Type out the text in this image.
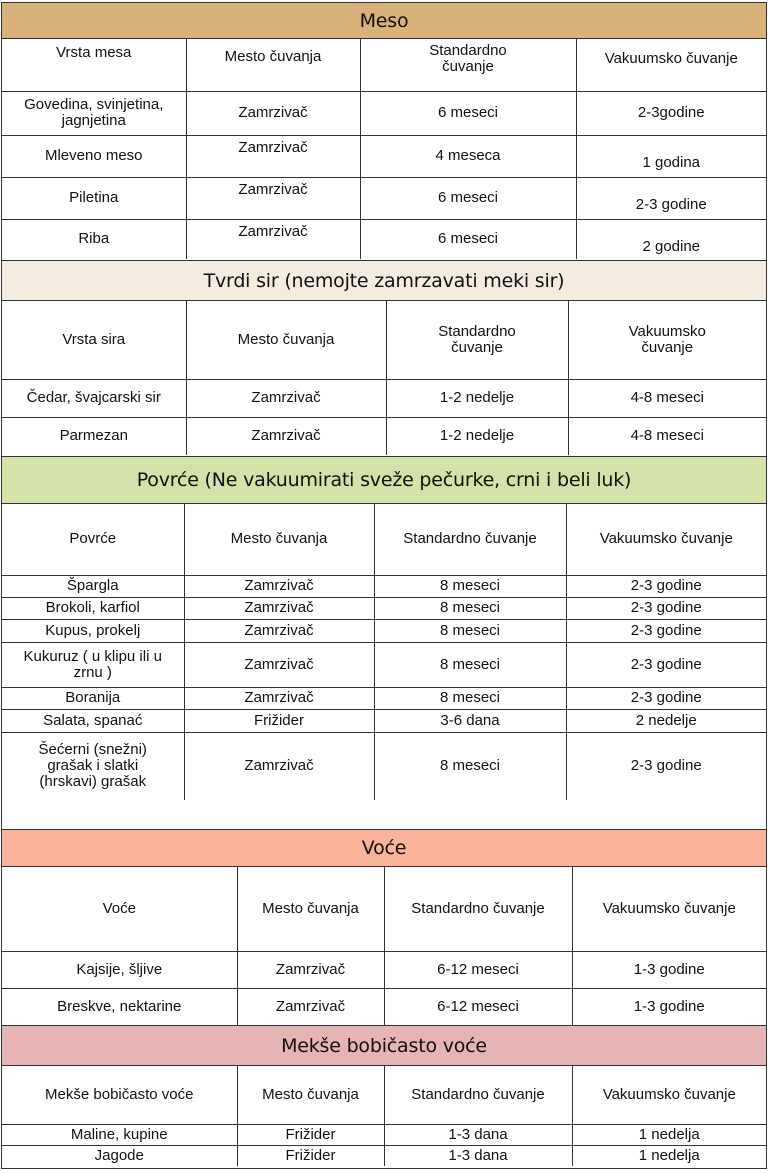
Meso
Vrsta mesa	Mesto čuvanja	Standardno čuvanje	Vakuumsko čuvanje
Govedina, svinjetina, jagnjetina	Zamrzivač	6 meseci	2-3godine
Mleveno meso	Zamrzivač	4 meseca	1 godina
Piletina	Zamrzivač	6 meseci	2-3 godine
Riba	Zamrzivač	6 meseci	2 godine
Tvrdi sir (nemojte zamrzavati meki sir)
Vrsta sira	Mesto čuvanja	Standardno čuvanje	Vakuumsko čuvanje
Čedar, švajcarski sir	Zamrzivač	1-2 nedelje	4-8 meseci
Parmezan	Zamrzivač	1-2 nedelje	4-8 meseci
Povrće (Ne vakuumirati sveže pečurke, crni i beli luk)
Povrće	Mesto čuvanja	Standardno čuvanje	Vakuumsko čuvanje
Špargla	Zamrzivač	8 meseci	2-3 godine
Brokoli, karfiol	Zamrzivač	8 meseci	2-3 godine
Kupus, prokelj	Zamrzivač	8 meseci	2-3 godine
Kukuruz ( u klipu ili u zrnu )	Zamrzivač	8 meseci	2-3 godine
Boranija	Zamrzivač	8 meseci	2-3 godine
Salata, spanać	Frižider	3-6 dana	2 nedelje
Šećerni (snežni) grašak i slatki (hrskavi) grašak	Zamrzivač	8 meseci	2-3 godine
Voće
Voće	Mesto čuvanja	Standardno čuvanje	Vakuumsko čuvanje
Kajsije, šljive	Zamrzivač	6-12 meseci	1-3 godine
Breskve, nektarine	Zamrzivač	6-12 meseci	1-3 godine
Mekše bobičasto voće
Mekše bobičasto voće	Mesto čuvanja	Standardno čuvanje	Vakuumsko čuvanje
Maline, kupine	Frižider	1-3 dana	1 nedelja
Jagode	Frižider	1-3 dana	1 nedelja
